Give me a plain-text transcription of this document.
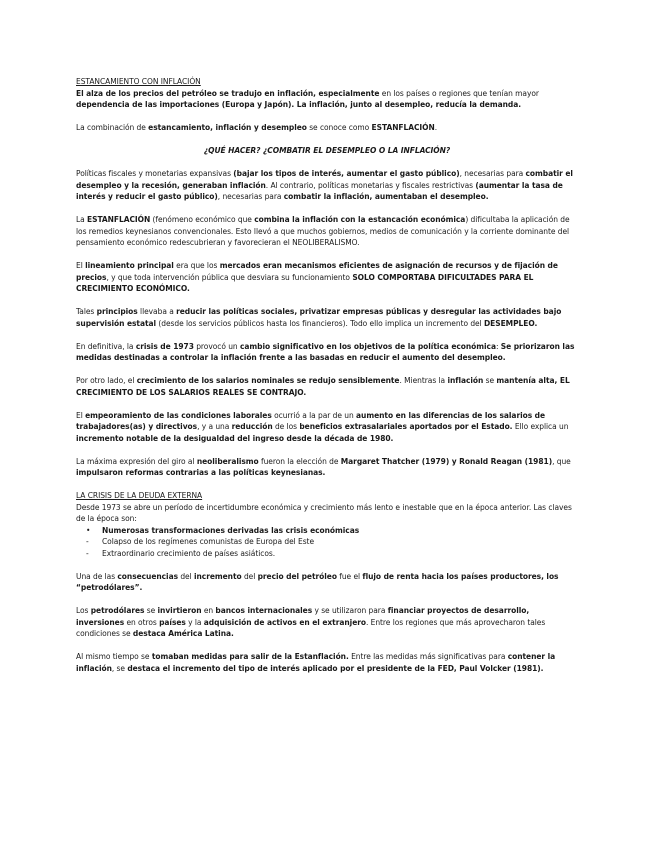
ESTANCAMIENTO CON INFLACIÓN

El alza de los precios del petróleo se tradujo en inflación, especialmente en los países o regiones que tenían mayor dependencia de las importaciones (Europa y Japón). La inflación, junto al desempleo, reducía la demanda.

La combinación de estancamiento, inflación y desempleo se conoce como ESTANFLACIÓN.

¿QUÉ HACER? ¿COMBATIR EL DESEMPLEO O LA INFLACIÓN?

Políticas fiscales y monetarias expansivas (bajar los tipos de interés, aumentar el gasto público), necesarias para combatir el desempleo y la recesión, generaban inflación. Al contrario, políticas monetarias y fiscales restrictivas (aumentar la tasa de interés y reducir el gasto público), necesarias para combatir la inflación, aumentaban el desempleo.

La ESTANFLACIÓN (fenómeno económico que combina la inflación con la estancación económica) dificultaba la aplicación de los remedios keynesianos convencionales. Esto llevó a que muchos gobiernos, medios de comunicación y la corriente dominante del pensamiento económico redescubrieran y favorecieran el NEOLIBERALISMO.

El lineamiento principal era que los mercados eran mecanismos eficientes de asignación de recursos y de fijación de precios, y que toda intervención pública que desviara su funcionamiento SOLO COMPORTABA DIFICULTADES PARA EL CRECIMIENTO ECONÓMICO.

Tales principios llevaba a reducir las políticas sociales, privatizar empresas públicas y desregular las actividades bajo supervisión estatal (desde los servicios públicos hasta los financieros). Todo ello implica un incremento del DESEMPLEO.

En definitiva, la crisis de 1973 provocó un cambio significativo en los objetivos de la política económica: Se priorizaron las medidas destinadas a controlar la inflación frente a las basadas en reducir el aumento del desempleo.

Por otro lado, el crecimiento de los salarios nominales se redujo sensiblemente. Mientras la inflación se mantenía alta, EL CRECIMIENTO DE LOS SALARIOS REALES SE CONTRAJO.

El empeoramiento de las condiciones laborales ocurrió a la par de un aumento en las diferencias de los salarios de trabajadores(as) y directivos, y a una reducción de los beneficios extrasalariales aportados por el Estado. Ello explica un incremento notable de la desigualdad del ingreso desde la década de 1980.

La máxima expresión del giro al neoliberalismo fueron la elección de Margaret Thatcher (1979) y Ronald Reagan (1981), que impulsaron reformas contrarias a las políticas keynesianas.

LA CRISIS DE LA DEUDA EXTERNA

Desde 1973 se abre un período de incertidumbre económica y crecimiento más lento e inestable que en la época anterior. Las claves de la época son:

• Numerosas transformaciones derivadas las crisis económicas
- Colapso de los regímenes comunistas de Europa del Este
- Extraordinario crecimiento de países asiáticos.

Una de las consecuencias del incremento del precio del petróleo fue el flujo de renta hacia los países productores, los “petrodólares”.

Los petrodólares se invirtieron en bancos internacionales y se utilizaron para financiar proyectos de desarrollo, inversiones en otros países y la adquisición de activos en el extranjero. Entre los regiones que más aprovecharon tales condiciones se destaca América Latina.

Al mismo tiempo se tomaban medidas para salir de la Estanflación. Entre las medidas más significativas para contener la inflación, se destaca el incremento del tipo de interés aplicado por el presidente de la FED, Paul Volcker (1981).
